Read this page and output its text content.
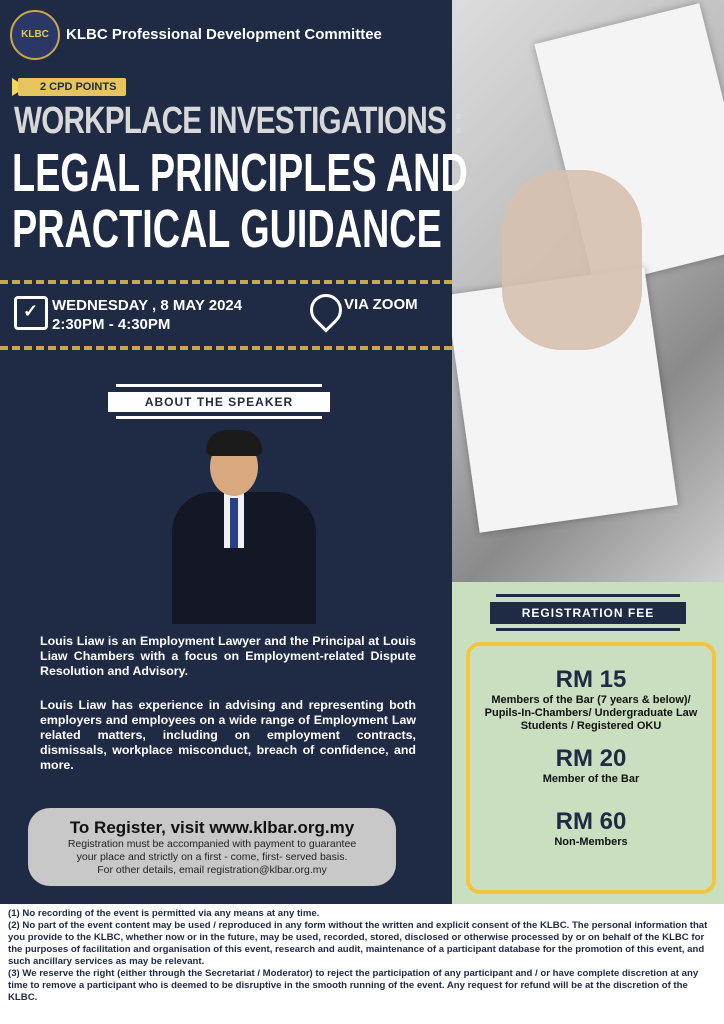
KLBC KLBC Professional Development Committee
2 CPD POINTS
WORKPLACE INVESTIGATIONS :
LEGAL PRINCIPLES AND
PRACTICAL GUIDANCE
✓
WEDNESDAY , 8 MAY 2024
2:30PM - 4:30PM
VIA ZOOM
ABOUT THE SPEAKER
Louis Liaw is an Employment Lawyer and the Principal at Louis Liaw Chambers with a focus on Employment-related Dispute Resolution and Advisory.
Louis Liaw has experience in advising and representing both employers and employees on a wide range of Employment Law related matters, including on employment contracts, dismissals, workplace misconduct, breach of confidence, and more.
To Register, visit www.klbar.org.my
Registration must be accompanied with payment to guarantee
your place and strictly on a first - come, first- served basis.
For other details, email registration@klbar.org.my
REGISTRATION FEE
RM 15
Members of the Bar (7 years & below)/ Pupils-In-Chambers/ Undergraduate Law Students / Registered OKU
RM 20
Member of the Bar
RM 60
Non-Members
(1) No recording of the event is permitted via any means at any time.
(2) No part of the event content may be used / reproduced in any form without the written and explicit consent of the KLBC. The personal information that you provide to the KLBC, whether now or in the future, may be used, recorded, stored, disclosed or otherwise processed by or on behalf of the KLBC for the purposes of facilitation and organisation of this event, research and audit, maintenance of a participant database for the promotion of this event, and such ancillary services as may be relevant.
(3) We reserve the right (either through the Secretariat / Moderator) to reject the participation of any participant and / or have complete discretion at any time to remove a participant who is deemed to be disruptive in the smooth running of the event. Any request for refund will be at the discretion of the KLBC.
